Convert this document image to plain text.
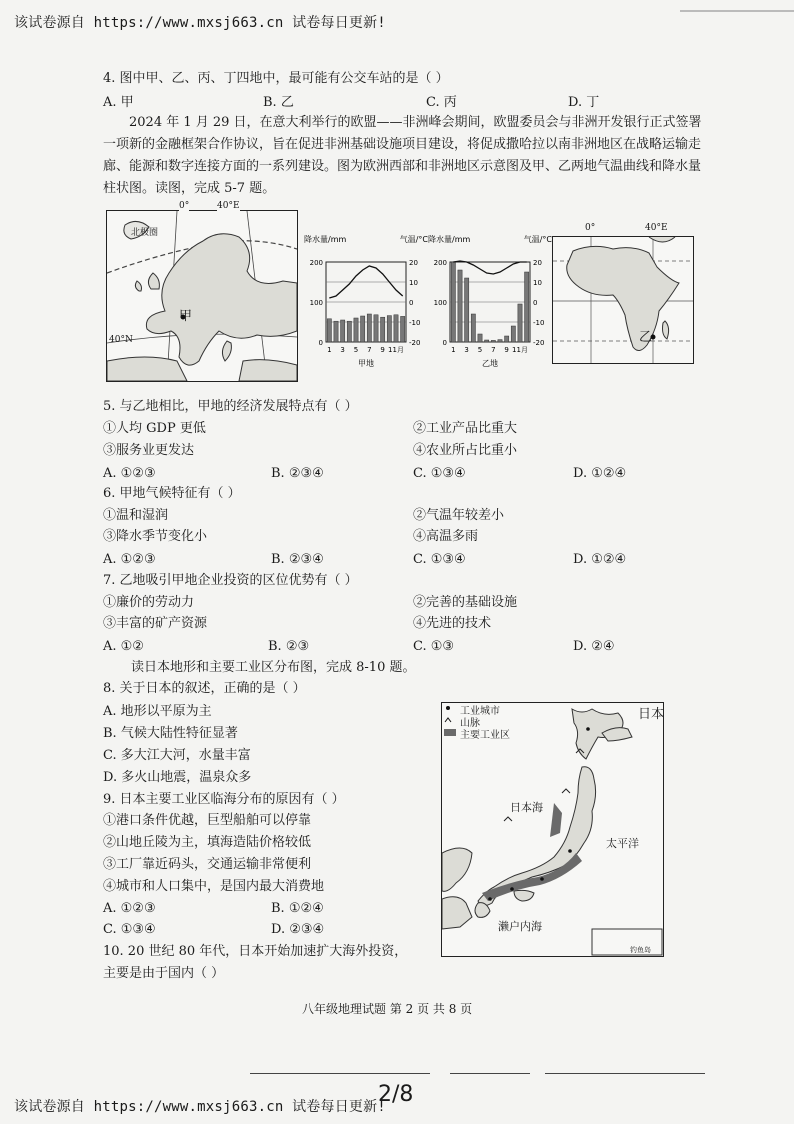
该试卷源自 https://www.mxsj663.cn 试卷每日更新!
4. 图中甲、乙、丙、丁四地中，最可能有公交车站的是（ ）
A. 甲	B. 乙	C. 丙	D. 丁
2024 年 1 月 29 日，在意大利举行的欧盟——非洲峰会期间，欧盟委员会与非洲开发银行正式签署一项新的金融框架合作协议，旨在促进非洲基础设施项目建设，将促成撒哈拉以南非洲地区在战略运输走廊、能源和数字连接方面的一系列建设。图为欧洲西部和非洲地区示意图及甲、乙两地气温曲线和降水量柱状图。读图，完成 5-7 题。
0°	40°E
北极圈
40°N
甲
降水量/mm	气温/°C
20
10
0
-10
-20
200
100
0
1 3 5 7 9 11月
甲地
降水量/mm	气温/°C
20
10
0
-10
-20
200
100
0
1 3 5 7 9 11月
乙地
0°	40°E
乙
5. 与乙地相比，甲地的经济发展特点有（ ）
①人均 GDP 更低	②工业产品比重大
③服务业更发达	④农业所占比重小
A. ①②③	B. ②③④	C. ①③④	D. ①②④
6. 甲地气候特征有（ ）
①温和湿润	②气温年较差小
③降水季节变化小	④高温多雨
A. ①②③	B. ②③④	C. ①③④	D. ①②④
7. 乙地吸引甲地企业投资的区位优势有（ ）
①廉价的劳动力	②完善的基础设施
③丰富的矿产资源	④先进的技术
A. ①②	B. ②③	C. ①③	D. ②④
读日本地形和主要工业区分布图，完成 8-10 题。
8. 关于日本的叙述，正确的是（ ）
A. 地形以平原为主
B. 气候大陆性特征显著
C. 多大江大河，水量丰富
D. 多火山地震，温泉众多
9. 日本主要工业区临海分布的原因有（ ）
①港口条件优越，巨型船舶可以停靠
②山地丘陵为主，填海造陆价格较低
③工厂靠近码头，交通运输非常便利
④城市和人口集中，是国内最大消费地
A. ①②③	B. ①②④
C. ①③④	D. ②③④
10. 20 世纪 80 年代，日本开始加速扩大海外投资，
主要是由于国内（ ）
工业城市
山脉
主要工业区
日本
日本海
太平洋
濑户内海
钓鱼岛
八年级地理试题 第 2 页 共 8 页
该试卷源自 https://www.mxsj663.cn 试卷每日更新!
2/8
